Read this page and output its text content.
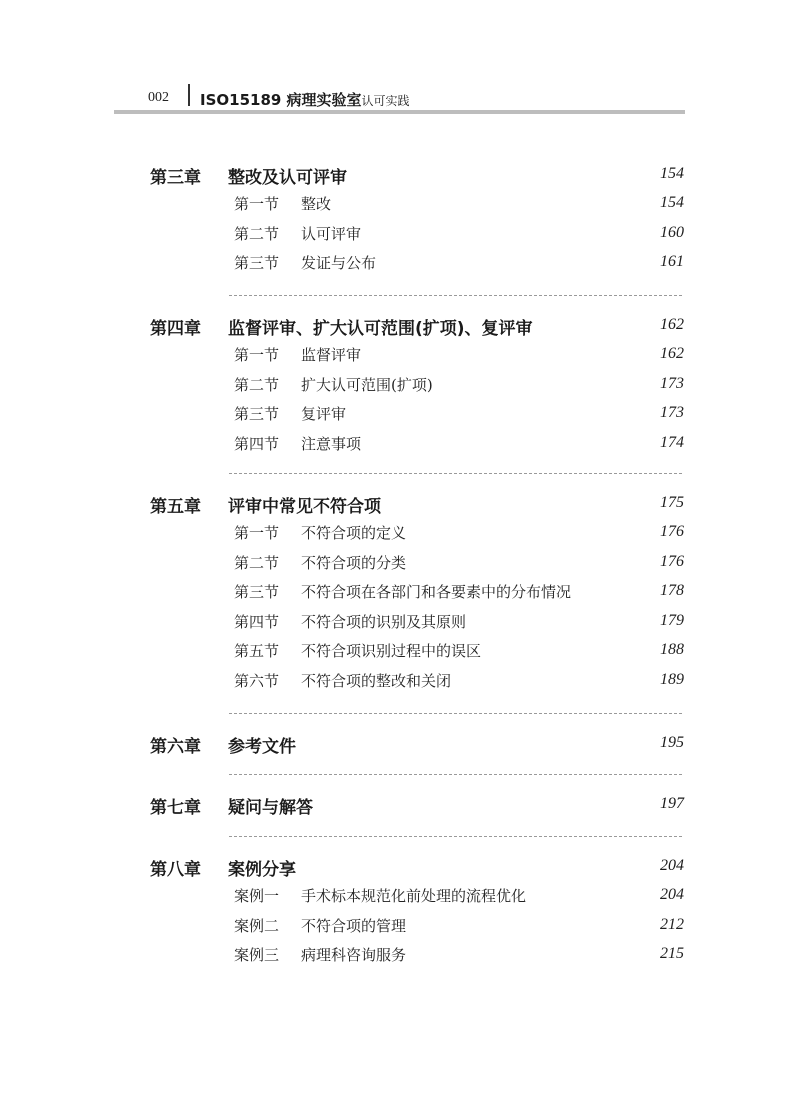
002 ISO15189 病理实验室认可实践
第三章 整改及认可评审	154
第一节 整改	154
第二节 认可评审	160
第三节 发证与公布	161
第四章 监督评审、扩大认可范围(扩项)、复评审	162
第一节 监督评审	162
第二节 扩大认可范围(扩项)	173
第三节 复评审	173
第四节 注意事项	174
第五章 评审中常见不符合项	175
第一节 不符合项的定义	176
第二节 不符合项的分类	176
第三节 不符合项在各部门和各要素中的分布情况	178
第四节 不符合项的识别及其原则	179
第五节 不符合项识别过程中的误区	188
第六节 不符合项的整改和关闭	189
第六章 参考文件	195
第七章 疑问与解答	197
第八章 案例分享	204
案例一 手术标本规范化前处理的流程优化	204
案例二 不符合项的管理	212
案例三 病理科咨询服务	215
